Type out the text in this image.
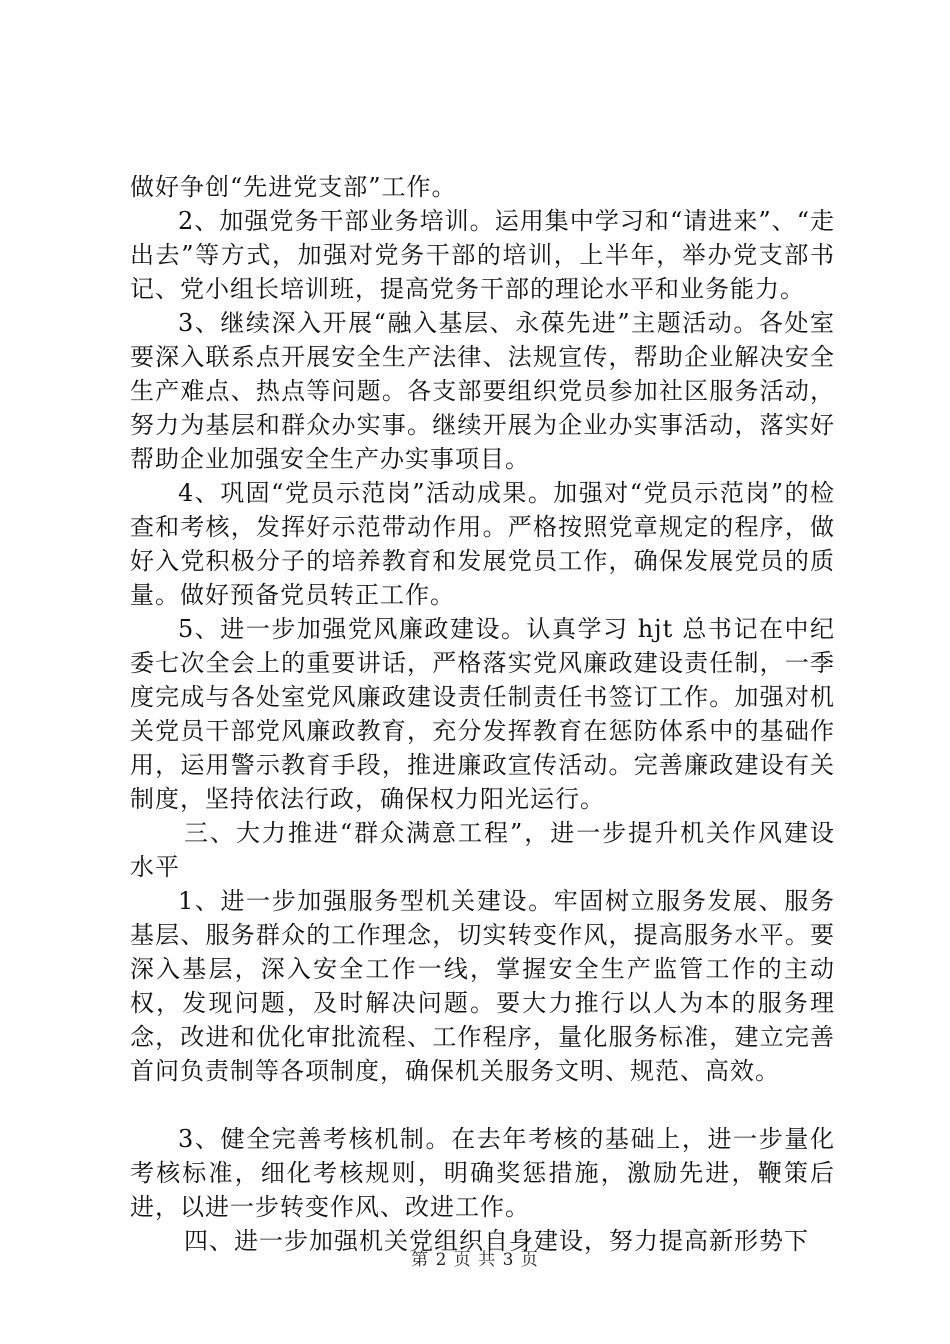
做好争创“先进党支部”工作。

2、加强党务干部业务培训。运用集中学习和“请进来”、“走出去”等方式，加强对党务干部的培训，上半年，举办党支部书记、党小组长培训班，提高党务干部的理论水平和业务能力。

3、继续深入开展“融入基层、永葆先进”主题活动。各处室要深入联系点开展安全生产法律、法规宣传，帮助企业解决安全生产难点、热点等问题。各支部要组织党员参加社区服务活动，努力为基层和群众办实事。继续开展为企业办实事活动，落实好帮助企业加强安全生产办实事项目。

4、巩固“党员示范岗”活动成果。加强对“党员示范岗”的检查和考核，发挥好示范带动作用。严格按照党章规定的程序，做好入党积极分子的培养教育和发展党员工作，确保发展党员的质量。做好预备党员转正工作。

5、进一步加强党风廉政建设。认真学习 hjt 总书记在中纪委七次全会上的重要讲话，严格落实党风廉政建设责任制，一季度完成与各处室党风廉政建设责任制责任书签订工作。加强对机关党员干部党风廉政教育，充分发挥教育在惩防体系中的基础作用，运用警示教育手段，推进廉政宣传活动。完善廉政建设有关制度，坚持依法行政，确保权力阳光运行。

三、大力推进“群众满意工程”，进一步提升机关作风建设水平

1、进一步加强服务型机关建设。牢固树立服务发展、服务基层、服务群众的工作理念，切实转变作风，提高服务水平。要深入基层，深入安全工作一线，掌握安全生产监管工作的主动权，发现问题，及时解决问题。要大力推行以人为本的服务理念，改进和优化审批流程、工作程序，量化服务标准，建立完善首问负责制等各项制度，确保机关服务文明、规范、高效。

3、健全完善考核机制。在去年考核的基础上，进一步量化考核标准，细化考核规则，明确奖惩措施，激励先进，鞭策后进，以进一步转变作风、改进工作。

四、进一步加强机关党组织自身建设，努力提高新形势下

第 2 页 共 3 页
